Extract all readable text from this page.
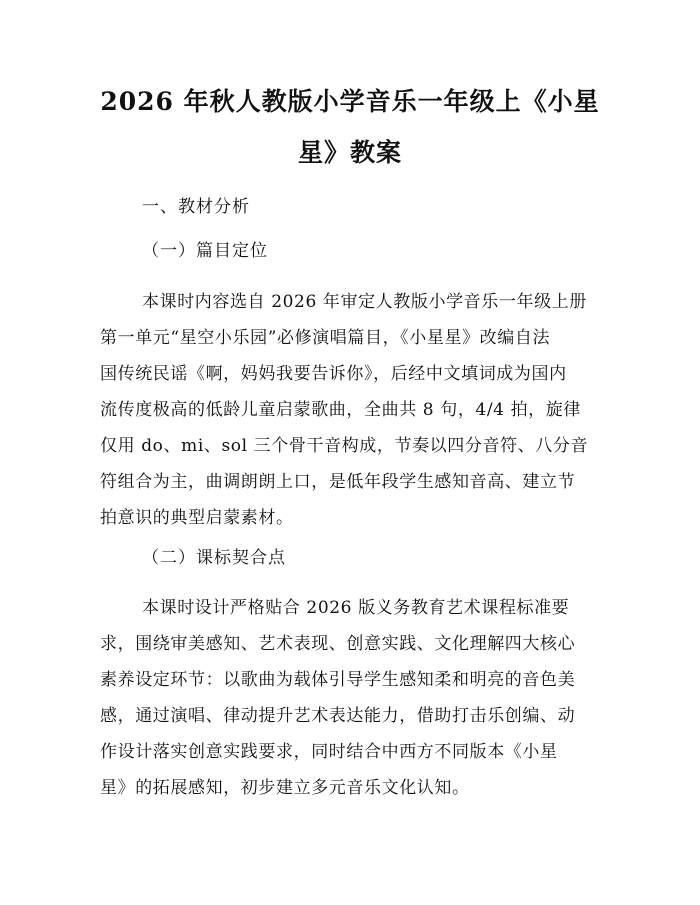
2026 年秋人教版小学音乐一年级上《小星
星》教案

一、教材分析

（一）篇目定位

本课时内容选自 2026 年审定人教版小学音乐一年级上册

第一单元“星空小乐园”必修演唱篇目，《小星星》改编自法

国传统民谣《啊，妈妈我要告诉你》，后经中文填词成为国内

流传度极高的低龄儿童启蒙歌曲，全曲共 8 句，4/4 拍，旋律

仅用 do、mi、sol 三个骨干音构成，节奏以四分音符、八分音

符组合为主，曲调朗朗上口，是低年段学生感知音高、建立节

拍意识的典型启蒙素材。

（二）课标契合点

本课时设计严格贴合 2026 版义务教育艺术课程标准要

求，围绕审美感知、艺术表现、创意实践、文化理解四大核心

素养设定环节：以歌曲为载体引导学生感知柔和明亮的音色美

感，通过演唱、律动提升艺术表达能力，借助打击乐创编、动

作设计落实创意实践要求，同时结合中西方不同版本《小星

星》的拓展感知，初步建立多元音乐文化认知。
